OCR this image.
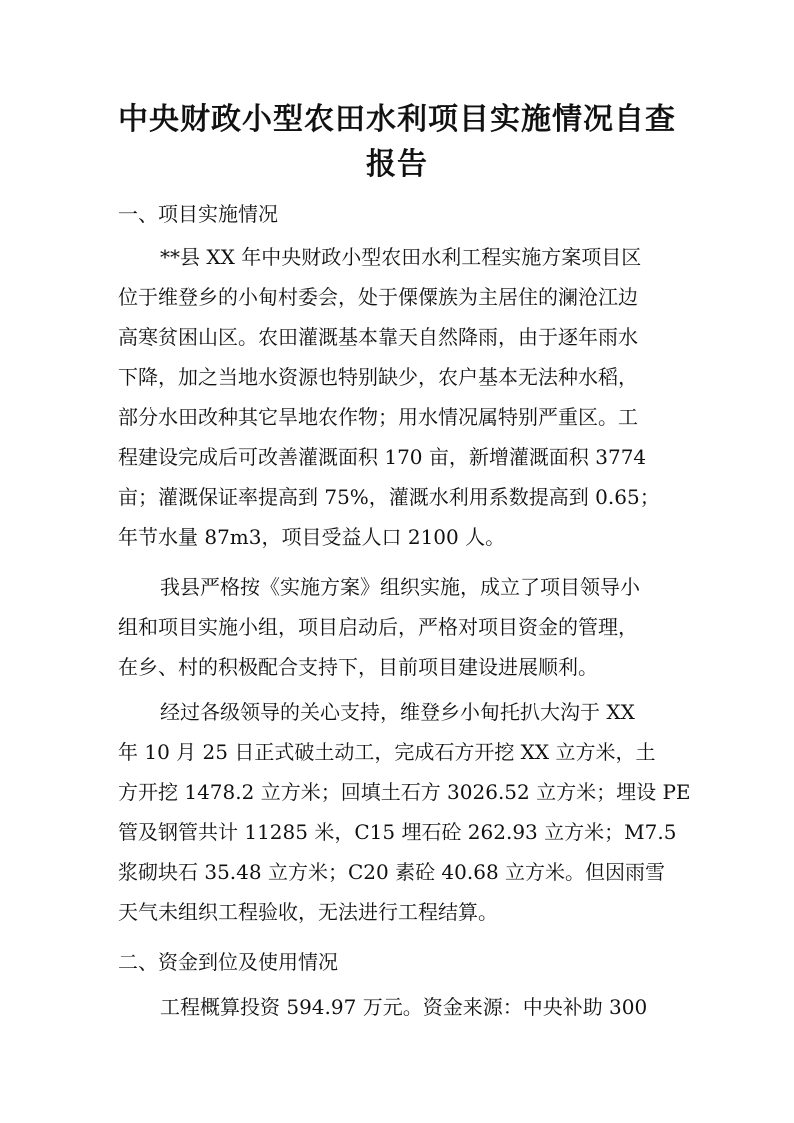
中央财政小型农田水利项目实施情况自查
报告
一、项目实施情况
**县 XX 年中央财政小型农田水利工程实施方案项目区
位于维登乡的小甸村委会，处于傈僳族为主居住的澜沧江边
高寒贫困山区。农田灌溉基本靠天自然降雨，由于逐年雨水
下降，加之当地水资源也特别缺少，农户基本无法种水稻，
部分水田改种其它旱地农作物；用水情况属特别严重区。工
程建设完成后可改善灌溉面积 170 亩，新增灌溉面积 3774
亩；灌溉保证率提高到 75%，灌溉水利用系数提高到 0.65；
年节水量 87m3，项目受益人口 2100 人。
我县严格按《实施方案》组织实施，成立了项目领导小
组和项目实施小组，项目启动后，严格对项目资金的管理，
在乡、村的积极配合支持下，目前项目建设进展顺利。
经过各级领导的关心支持，维登乡小甸托扒大沟于 XX
年 10 月 25 日正式破土动工，完成石方开挖 XX 立方米，土
方开挖 1478.2 立方米；回填土石方 3026.52 立方米；埋设 PE
管及钢管共计 11285 米，C15 埋石砼 262.93 立方米；M7.5
浆砌块石 35.48 立方米；C20 素砼 40.68 立方米。但因雨雪
天气未组织工程验收，无法进行工程结算。
二、资金到位及使用情况
工程概算投资 594.97 万元。资金来源：中央补助 300
